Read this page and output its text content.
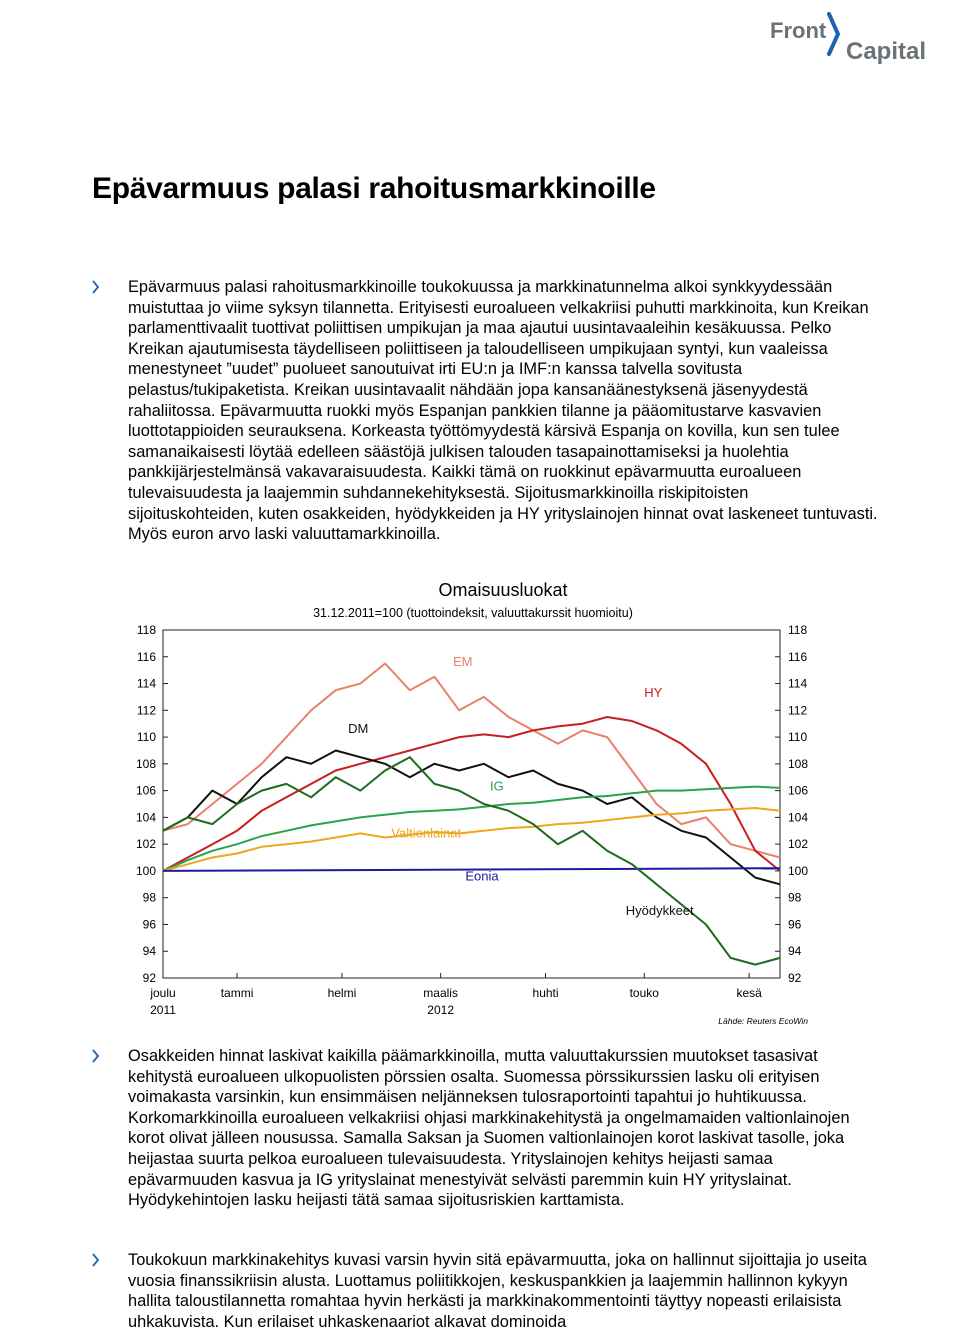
Front
Capital
Epävarmuus palasi rahoitusmarkkinoille
Epävarmuus palasi rahoitusmarkkinoille toukokuussa ja markkinatunnelma alkoi synkkyydessään muistuttaa jo viime syksyn tilannetta. Erityisesti euroalueen velkakriisi puhutti markkinoita, kun Kreikan parlamenttivaalit tuottivat poliittisen umpikujan ja maa ajautui uusintavaaleihin kesäkuussa. Pelko Kreikan ajautumisesta täydelliseen poliittiseen ja taloudelliseen umpikujaan syntyi, kun vaaleissa menestyneet ”uudet” puolueet sanoutuivat irti EU:n ja IMF:n kanssa talvella sovitusta pelastus/tukipaketista. Kreikan uusintavaalit nähdään jopa kansanäänestyksenä jäsenyydestä rahaliitossa. Epävarmuutta ruokki myös Espanjan pankkien tilanne ja pääomitustarve kasvavien luottotappioiden seurauksena. Korkeasta työttömyydestä kärsivä Espanja on kovilla, kun sen tulee samanaikaisesti löytää edelleen säästöjä julkisen talouden tasapainottamiseksi ja huolehtia pankkijärjestelmänsä vakavaraisuudesta. Kaikki tämä on ruokkinut epävarmuutta euroalueen tulevaisuudesta ja laajemmin suhdannekehityksestä. Sijoitusmarkkinoilla riskipitoisten sijoituskohteiden, kuten osakkeiden, hyödykkeiden ja HY yrityslainojen hinnat ovat laskeneet tuntuvasti. Myös euron arvo laski valuuttamarkkinoilla.
Omaisuusluokat
31.12.2011=100 (tuottoindeksit, valuuttakurssit huomioitu)
118	118
116	116
114	114
112	112
110	110
108	108
106	106
104	104
102	102
100	100
98	98
96	96
94	94
92	92
joulu
2011
tammi	helmi	maalis
2012
huhti	touko	kesä
EM
HY
DM
IG
Valtionlainat
Eonia
Hyödykkeet
Lähde: Reuters EcoWin
Osakkeiden hinnat laskivat kaikilla päämarkkinoilla, mutta valuuttakurssien muutokset tasasivat kehitystä euroalueen ulkopuolisten pörssien osalta. Suomessa pörssikurssien lasku oli erityisen voimakasta varsinkin, kun ensimmäisen neljänneksen tulosraportointi tapahtui jo huhtikuussa. Korkomarkkinoilla euroalueen velkakriisi ohjasi markkinakehitystä ja ongelmamaiden valtionlainojen korot olivat jälleen nousussa. Samalla Saksan ja Suomen valtionlainojen korot laskivat tasolle, joka heijastaa suurta pelkoa euroalueen tulevaisuudesta. Yrityslainojen kehitys heijasti samaa epävarmuuden kasvua ja IG yrityslainat menestyivät selvästi paremmin kuin HY yrityslainat. Hyödykehintojen lasku heijasti tätä samaa sijoitusriskien karttamista.
Toukokuun markkinakehitys kuvasi varsin hyvin sitä epävarmuutta, joka on hallinnut sijoittajia jo useita vuosia finanssikriisin alusta. Luottamus poliitikkojen, keskuspankkien ja laajemmin hallinnon kykyyn hallita taloustilannetta romahtaa hyvin herkästi ja markkinakommentointi täyttyy nopeasti erilaisista uhkakuvista. Kun erilaiset uhkaskenaariot alkavat dominoida
